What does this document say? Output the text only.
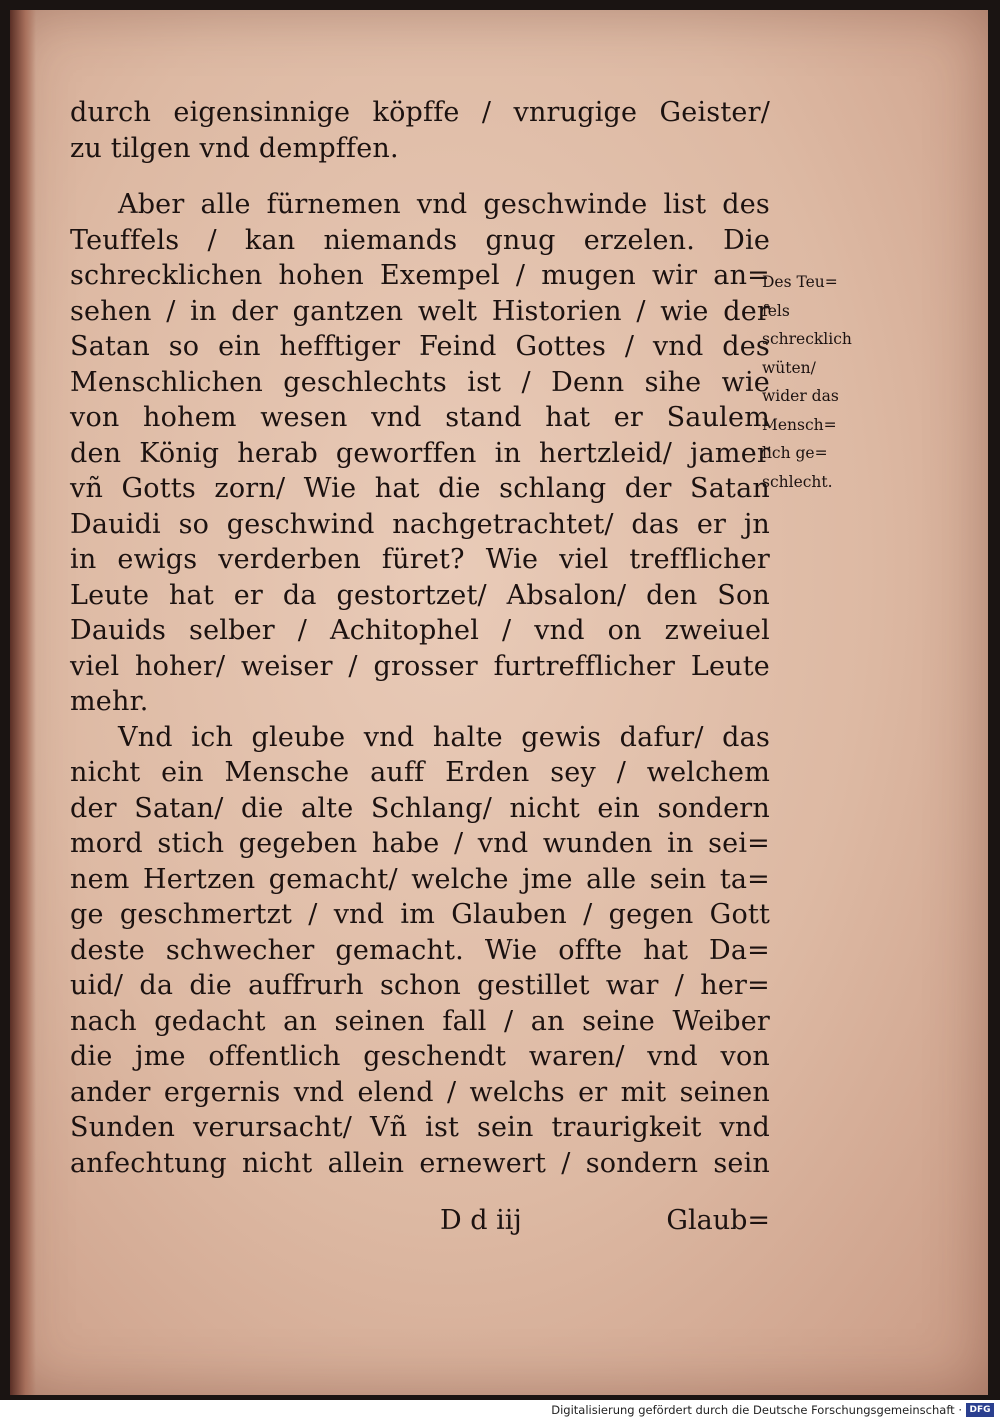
durch eigensinnige köpffe / vnrugige Geister/
zu tilgen vnd dempffen.
Aber alle fürnemen vnd geschwinde list des
Teuffels / kan niemands gnug erzelen. Die
schrecklichen hohen Exempel / mugen wir an=
sehen / in der gantzen welt Historien / wie der
Satan so ein hefftiger Feind Gottes / vnd des
Menschlichen geschlechts ist / Denn sihe wie
von hohem wesen vnd stand hat er Saulem
den König herab geworffen in hertzleid/ jamer
vñ Gotts zorn/ Wie hat die schlang der Satan
Dauidi so geschwind nachgetrachtet/ das er jn
in ewigs verderben füret? Wie viel trefflicher
Leute hat er da gestortzet/ Absalon/ den Son
Dauids selber / Achitophel / vnd on zweiuel
viel hoher/ weiser / grosser furtrefflicher Leute
mehr.
Vnd ich gleube vnd halte gewis dafur/ das
nicht ein Mensche auff Erden sey / welchem
der Satan/ die alte Schlang/ nicht ein sondern
mord stich gegeben habe / vnd wunden in sei=
nem Hertzen gemacht/ welche jme alle sein ta=
ge geschmertzt / vnd im Glauben / gegen Gott
deste schwecher gemacht. Wie offte hat Da=
uid/ da die auffrurh schon gestillet war / her=
nach gedacht an seinen fall / an seine Weiber
die jme offentlich geschendt waren/ vnd von
ander ergernis vnd elend / welchs er mit seinen
Sunden verursacht/ Vñ ist sein traurigkeit vnd
anfechtung nicht allein ernewert / sondern sein
Des Teu=
fels
schrecklich
wüten/
wider das
Mensch=
lich ge=
schlecht.
D d iij	Glaub=
Digitalisierung gefördert durch die Deutsche Forschungsgemeinschaft · DFG
